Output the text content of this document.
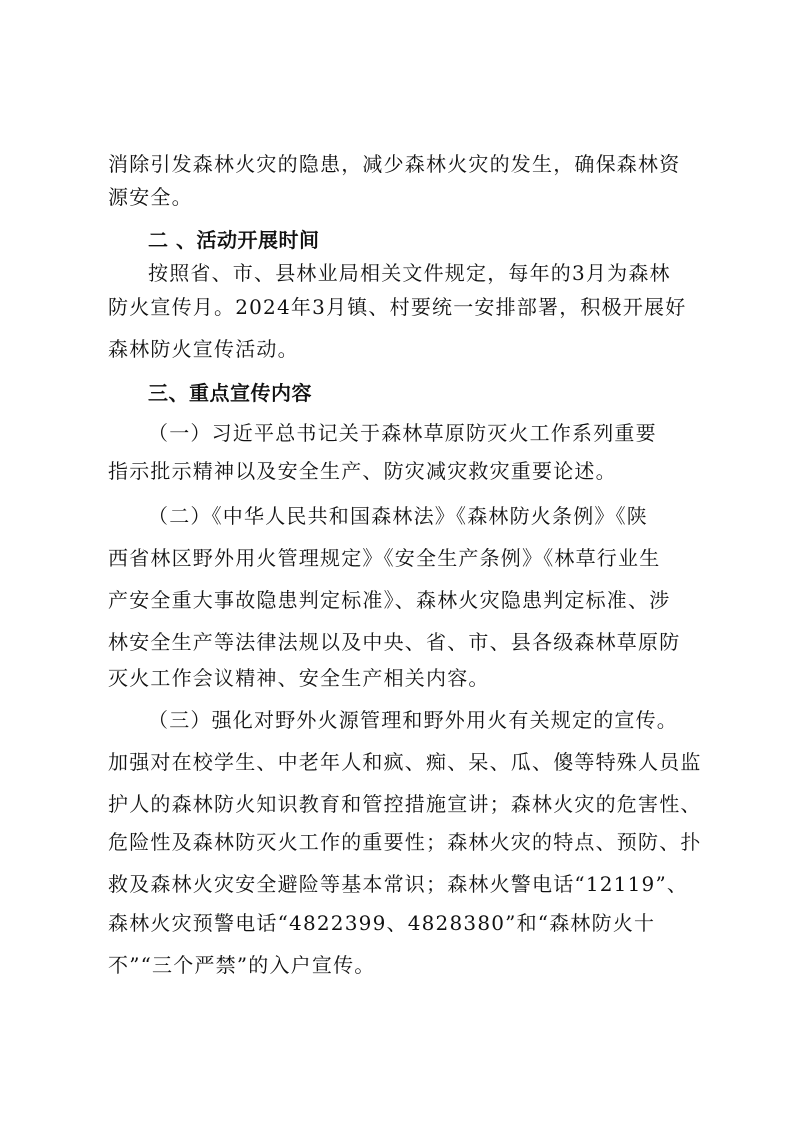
消除引发森林火灾的隐患，减少森林火灾的发生，确保森林资
源安全。
二 、活动开展时间
按照省、市、县林业局相关文件规定，每年的3月为森林
防火宣传月。2024年3月镇、村要统一安排部署，积极开展好
森林防火宣传活动。
三、重点宣传内容
（一）习近平总书记关于森林草原防灭火工作系列重要
指示批示精神以及安全生产、防灾减灾救灾重要论述。
（二）《中华人民共和国森林法》《森林防火条例》《陕
西省林区野外用火管理规定》《安全生产条例》《林草行业生
产安全重大事故隐患判定标准》、森林火灾隐患判定标准、涉
林安全生产等法律法规以及中央、省、市、县各级森林草原防
灭火工作会议精神、安全生产相关内容。
（三）强化对野外火源管理和野外用火有关规定的宣传。
加强对在校学生、中老年人和疯、痴、呆、瓜、傻等特殊人员监
护人的森林防火知识教育和管控措施宣讲；森林火灾的危害性、
危险性及森林防灭火工作的重要性；森林火灾的特点、预防、扑
救及森林火灾安全避险等基本常识；森林火警电话“12119”、
森林火灾预警电话“4822399、4828380”和“森林防火十
不”“三个严禁”的入户宣传。
